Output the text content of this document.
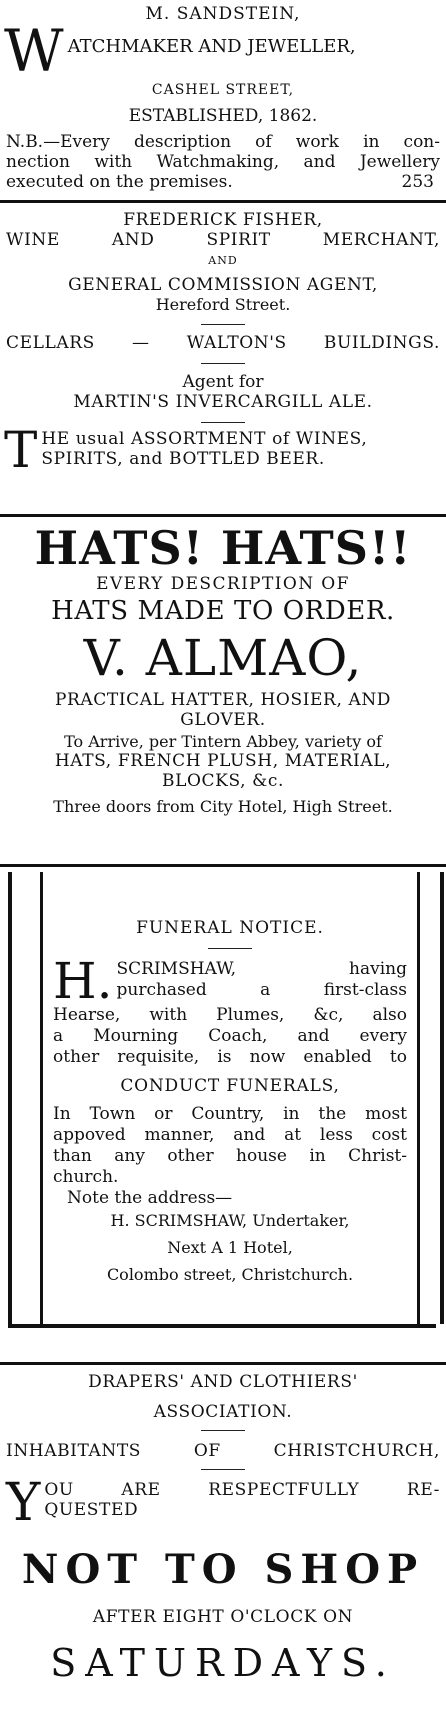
M. SANDSTEIN,

W ATCHMAKER AND JEWELLER,

CASHEL STREET,

ESTABLISHED, 1862.

N.B.—Every description of work in con-

nection with Watchmaking, and Jewellery

executed on the premises.	253

FREDERICK FISHER,

WINE	AND	SPIRIT	MERCHANT,

AND

GENERAL COMMISSION AGENT,

Hereford Street.

CELLARS — WALTON'S BUILDINGS.

Agent for

MARTIN'S INVERCARGILL ALE.

T HE usual ASSORTMENT of WINES,
SPIRITS, and BOTTLED BEER.

HATS! HATS!!

EVERY DESCRIPTION OF

HATS MADE TO ORDER.

V. ALMAO,

PRACTICAL HATTER, HOSIER, AND

GLOVER.

To Arrive, per Tintern Abbey, variety of

HATS, FRENCH PLUSH, MATERIAL,

BLOCKS, &c.

Three doors from City Hotel, High Street.

FUNERAL NOTICE.

H. SCRIMSHAW, having
purchased a first-class

Hearse, with Plumes, &c, also

a Mourning Coach, and every

other requisite, is now enabled to

CONDUCT FUNERALS,

In Town or Country, in the most

appoved manner, and at less cost

than any other house in Christ-

church.

Note the address—

H. SCRIMSHAW, Undertaker,

Next A 1 Hotel,

Colombo street, Christchurch.

DRAPERS' AND CLOTHIERS'

ASSOCIATION.

INHABITANTS	OF	CHRISTCHURCH,
Y OU	ARE	RESPECTFULLY	RE-
QUESTED

NOT TO SHOP

AFTER EIGHT O'CLOCK ON

SATURDAYS.
